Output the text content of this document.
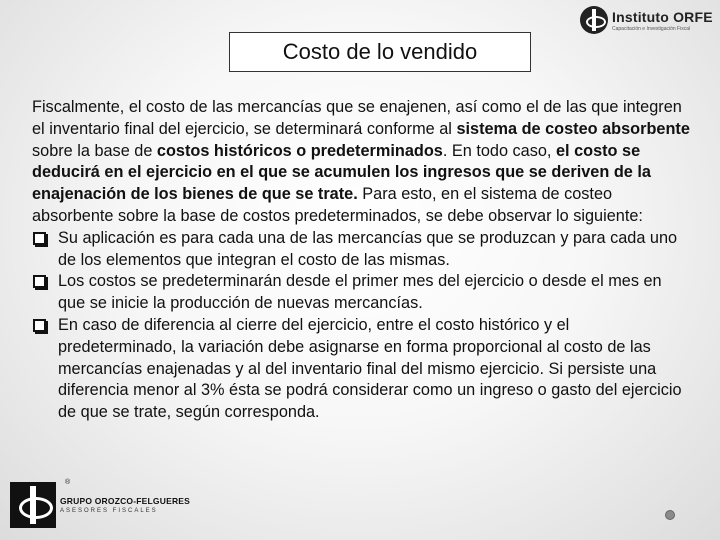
Instituto ORFE
Capacitación e Investigación Fiscal
Costo de lo vendido

Fiscalmente, el costo de las mercancías que se enajenen, así como el de las que integren el inventario final del ejercicio, se determinará conforme al sistema de costeo absorbente sobre la base de costos históricos o predeterminados. En todo caso, el costo se deducirá en el ejercicio en el que se acumulen los ingresos que se deriven de la enajenación de los bienes de que se trate. Para esto, en el sistema de costeo absorbente sobre la base de costos predeterminados, se debe observar lo siguiente:

Su aplicación es para cada una de las mercancías que se produzcan y para cada uno de los elementos que integran el costo de las mismas.
Los costos se predeterminarán desde el primer mes del ejercicio o desde el mes en que se inicie la producción de nuevas mercancías.
En caso de diferencia al cierre del ejercicio, entre el costo histórico y el predeterminado, la variación debe asignarse en forma proporcional al costo de las mercancías enajenadas y al del inventario final del mismo ejercicio. Si persiste una diferencia menor al 3% ésta se podrá considerar como un ingreso o gasto del ejercicio de que se trate, según corresponda.
®
GRUPO OROZCO-FELGUERES
ASESORES FISCALES
